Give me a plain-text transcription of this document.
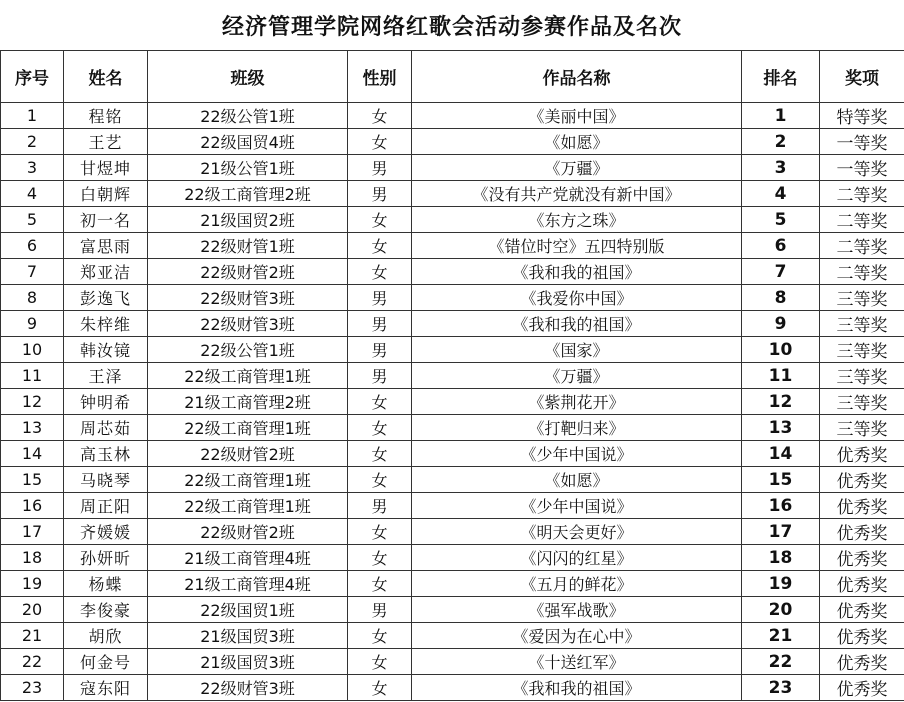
经济管理学院网络红歌会活动参赛作品及名次
序号	姓名	班级	性别	作品名称	排名	奖项
1	程铭	22级公管1班	女	《美丽中国》	1	特等奖
2	王艺	22级国贸4班	女	《如愿》	2	一等奖
3	甘煜坤	21级公管1班	男	《万疆》	3	一等奖
4	白朝辉	22级工商管理2班	男	《没有共产党就没有新中国》	4	二等奖
5	初一名	21级国贸2班	女	《东方之珠》	5	二等奖
6	富思雨	22级财管1班	女	《错位时空》五四特别版	6	二等奖
7	郑亚洁	22级财管2班	女	《我和我的祖国》	7	二等奖
8	彭逸飞	22级财管3班	男	《我爱你中国》	8	三等奖
9	朱梓维	22级财管3班	男	《我和我的祖国》	9	三等奖
10	韩汝镜	22级公管1班	男	《国家》	10	三等奖
11	王泽	22级工商管理1班	男	《万疆》	11	三等奖
12	钟明希	21级工商管理2班	女	《紫荆花开》	12	三等奖
13	周芯茹	22级工商管理1班	女	《打靶归来》	13	三等奖
14	高玉林	22级财管2班	女	《少年中国说》	14	优秀奖
15	马晓琴	22级工商管理1班	女	《如愿》	15	优秀奖
16	周正阳	22级工商管理1班	男	《少年中国说》	16	优秀奖
17	齐媛媛	22级财管2班	女	《明天会更好》	17	优秀奖
18	孙妍昕	21级工商管理4班	女	《闪闪的红星》	18	优秀奖
19	杨蝶	21级工商管理4班	女	《五月的鲜花》	19	优秀奖
20	李俊豪	22级国贸1班	男	《强军战歌》	20	优秀奖
21	胡欣	21级国贸3班	女	《爱因为在心中》	21	优秀奖
22	何金号	21级国贸3班	女	《十送红军》	22	优秀奖
23	寇东阳	22级财管3班	女	《我和我的祖国》	23	优秀奖
